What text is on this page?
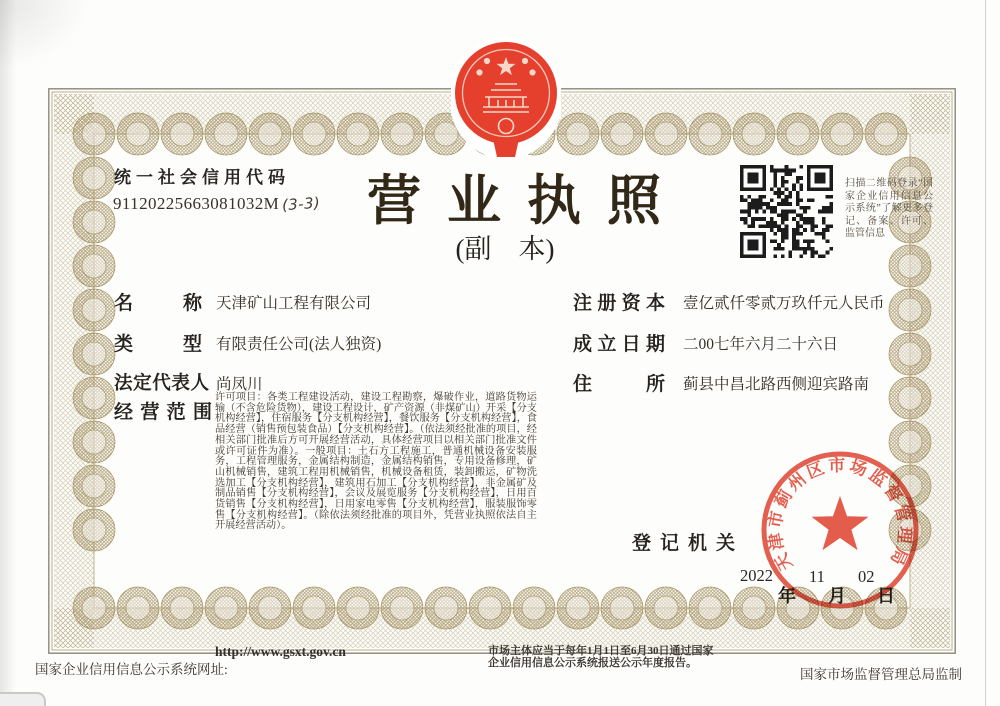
统一社会信用代码
91120225663081032M (3-3) 营业执照
(副　本)
扫描二维码登录“国家企业信用信息公示系统”了解更多登记、备案、许可、监管信息
名称 天津矿山工程有限公司
类型 有限责任公司(法人独资)
法定代表人 尚凤川
经营范围
许可项目：各类工程建设活动，建设工程勘察，爆破作业，道路货物运输（不含危险货物），建设工程设计，矿产资源（非煤矿山）开采【分支机构经营】，住宿服务【分支机构经营】，餐饮服务【分支机构经营】，食品经营（销售预包装食品）【分支机构经营】。（依法须经批准的项目，经相关部门批准后方可开展经营活动，具体经营项目以相关部门批准文件或许可证件为准）。一般项目：土石方工程施工，普通机械设备安装服务，工程管理服务，金属结构制造，金属结构销售，专用设备修理，矿山机械销售，建筑工程用机械销售，机械设备租赁，装卸搬运，矿物洗选加工【分支机构经营】，建筑用石加工【分支机构经营】，非金属矿及制品销售【分支机构经营】，会议及展览服务【分支机构经营】，日用百货销售【分支机构经营】，日用家电零售【分支机构经营】，服装服饰零售【分支机构经营】。（除依法须经批准的项目外，凭营业执照依法自主开展经营活动）。
注册资本 壹亿贰仟零贰万玖仟元人民币
成立日期 二00七年六月二十六日
住所 蓟县中昌北路西侧迎宾路南
登记机关
天津市蓟州区市场监督管理局
2022
年
11
月
02
日
http://www.gsxt.gov.cn
国家企业信用信息公示系统网址:
市场主体应当于每年1月1日至6月30日通过国家
企业信用信息公示系统报送公示年度报告。
国家市场监督管理总局监制
